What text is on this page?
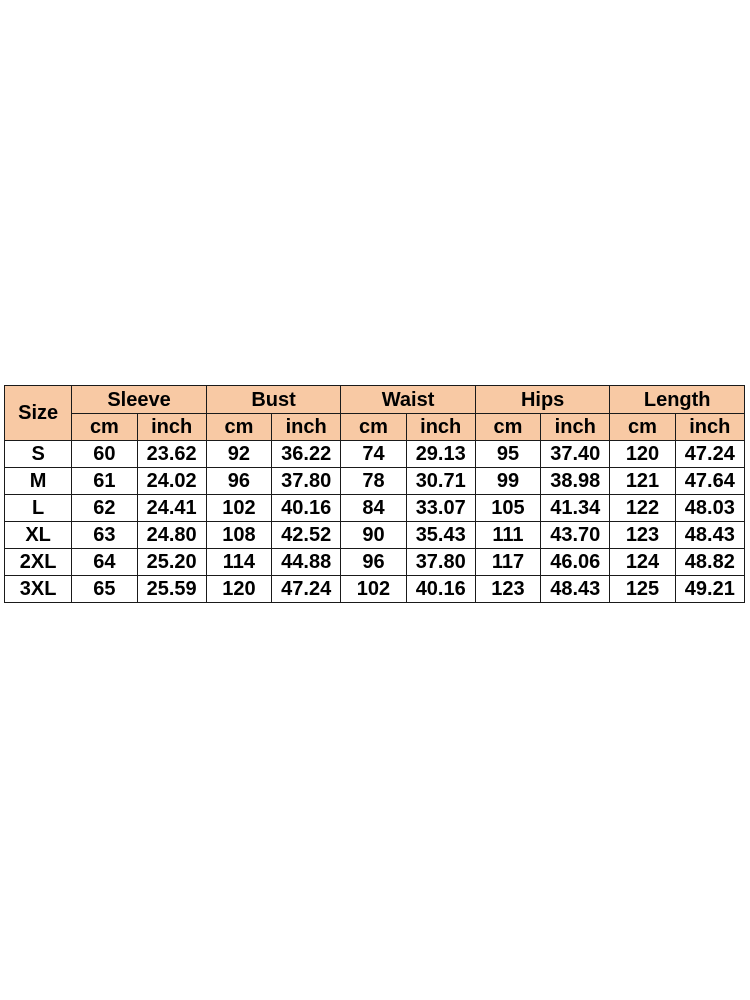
Size	Sleeve		Bust		Waist		Hips		Length	
	cm	inch	cm	inch	cm	inch	cm	inch	cm	inch
S	60	23.62	92	36.22	74	29.13	95	37.40	120	47.24
M	61	24.02	96	37.80	78	30.71	99	38.98	121	47.64
L	62	24.41	102	40.16	84	33.07	105	41.34	122	48.03
XL	63	24.80	108	42.52	90	35.43	111	43.70	123	48.43
2XL	64	25.20	114	44.88	96	37.80	117	46.06	124	48.82
3XL	65	25.59	120	47.24	102	40.16	123	48.43	125	49.21
